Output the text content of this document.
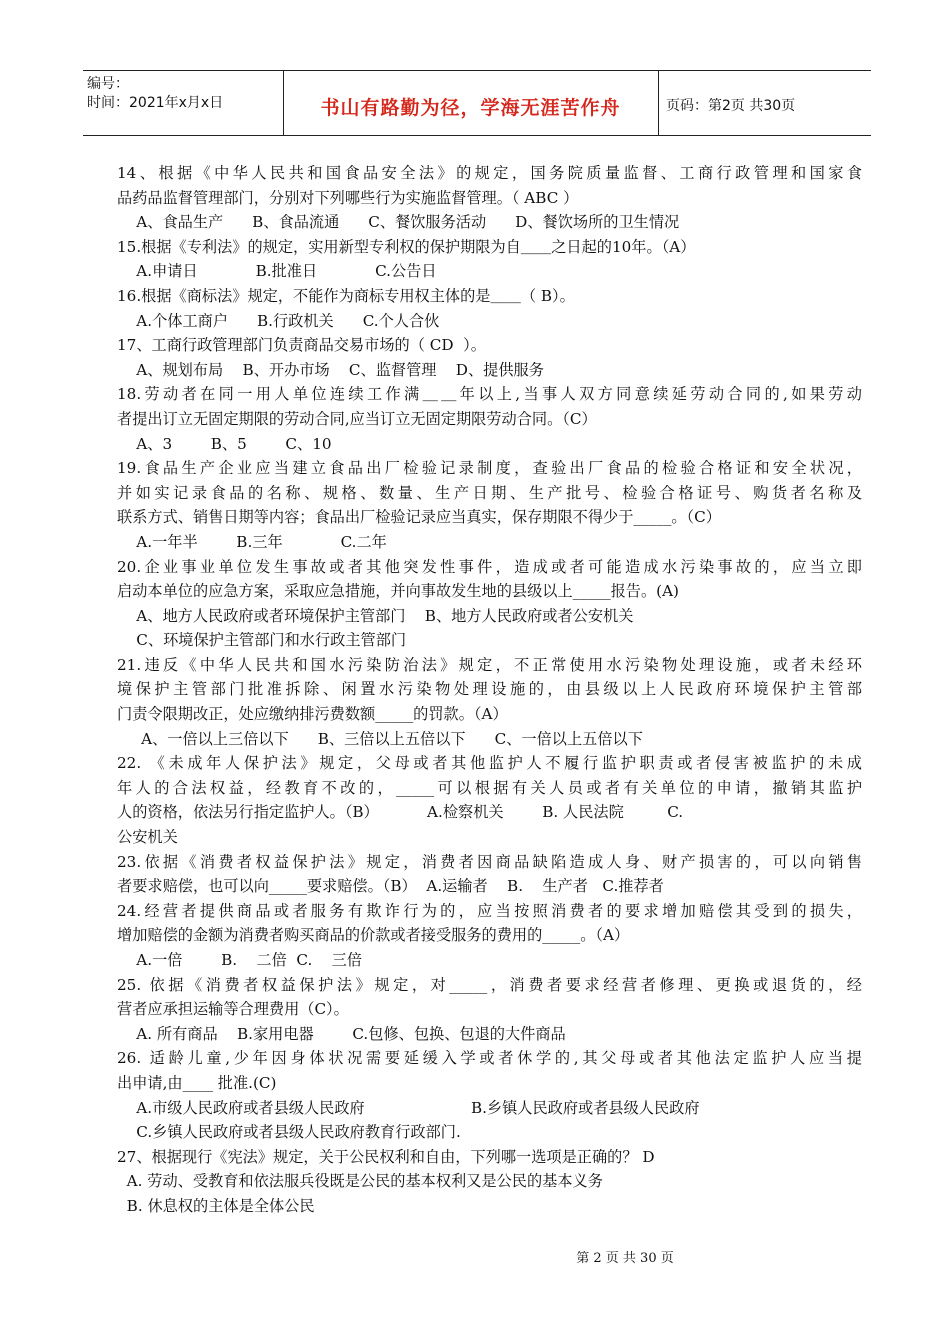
编号：
时间：2021年x月x日	书山有路勤为径，学海无涯苦作舟	页码：第2页 共30页
14、根据《中华人民共和国食品安全法》的规定，国务院质量监督、工商行政管理和国家食
品药品监督管理部门，分别对下列哪些行为实施监督管理。（ ABC ）
A、食品生产      B、食品流通      C、餐饮服务活动      D、餐饮场所的卫生情况
15.根据《专利法》的规定，实用新型专利权的保护期限为自＿＿之日起的10年。（A）
A.申请日            B.批准日            C.公告日
16.根据《商标法》规定，不能作为商标专用权主体的是＿＿（ B）。
A.个体工商户      B.行政机关      C.个人合伙
17、工商行政管理部门负责商品交易市场的（ CD  ）。
A、规划布局    B、开办市场    C、监督管理    D、提供服务
18.劳动者在同一用人单位连续工作满＿＿年以上,当事人双方同意续延劳动合同的,如果劳动
者提出订立无固定期限的劳动合同,应当订立无固定期限劳动合同。（C）
A、3        B、5        C、10
19.食品生产企业应当建立食品出厂检验记录制度，查验出厂食品的检验合格证和安全状况，
并如实记录食品的名称、规格、数量、生产日期、生产批号、检验合格证号、购货者名称及
联系方式、销售日期等内容；食品出厂检验记录应当真实，保存期限不得少于_____。（C）
A.一年半        B.三年            C.二年
20.企业事业单位发生事故或者其他突发性事件，造成或者可能造成水污染事故的，应当立即
启动本单位的应急方案，采取应急措施，并向事故发生地的县级以上_____报告。(A)
A、地方人民政府或者环境保护主管部门    B、地方人民政府或者公安机关
C、环境保护主管部门和水行政主管部门
21.违反《中华人民共和国水污染防治法》规定，不正常使用水污染物处理设施，或者未经环
境保护主管部门批准拆除、闲置水污染物处理设施的，由县级以上人民政府环境保护主管部
门责令限期改正，处应缴纳排污费数额_____的罚款。（A）
A、一倍以上三倍以下      B、三倍以上五倍以下      C、一倍以上五倍以下
22. 《未成年人保护法》规定，父母或者其他监护人不履行监护职责或者侵害被监护的未成
年人的合法权益，经教育不改的，_____可以根据有关人员或者有关单位的申请，撤销其监护
人的资格，依法另行指定监护人。（B）          A.检察机关        B. 人民法院         C.
公安机关
23.依据《消费者权益保护法》规定，消费者因商品缺陷造成人身、财产损害的，可以向销售
者要求赔偿，也可以向_____要求赔偿。（B）  A.运输者    B.    生产者   C.推荐者
24.经营者提供商品或者服务有欺诈行为的，应当按照消费者的要求增加赔偿其受到的损失，
增加赔偿的金额为消费者购买商品的价款或者接受服务的费用的_____。（A）
A.一倍        B.    二倍  C.    三倍
25. 依据《消费者权益保护法》规定，对_____，消费者要求经营者修理、更换或退货的，经
营者应承担运输等合理费用（C）。
A. 所有商品    B.家用电器        C.包修、包换、包退的大件商品
26. 适龄儿童,少年因身体状况需要延缓入学或者休学的,其父母或者其他法定监护人应当提
出申请,由____ 批准.(C)
A.市级人民政府或者县级人民政府                      B.乡镇人民政府或者县级人民政府
C.乡镇人民政府或者县级人民政府教育行政部门.
27、根据现行《宪法》规定，关于公民权利和自由，下列哪一选项是正确的？ D
A. 劳动、受教育和依法服兵役既是公民的基本权利又是公民的基本义务
B. 休息权的主体是全体公民
第 2 页 共 30 页
